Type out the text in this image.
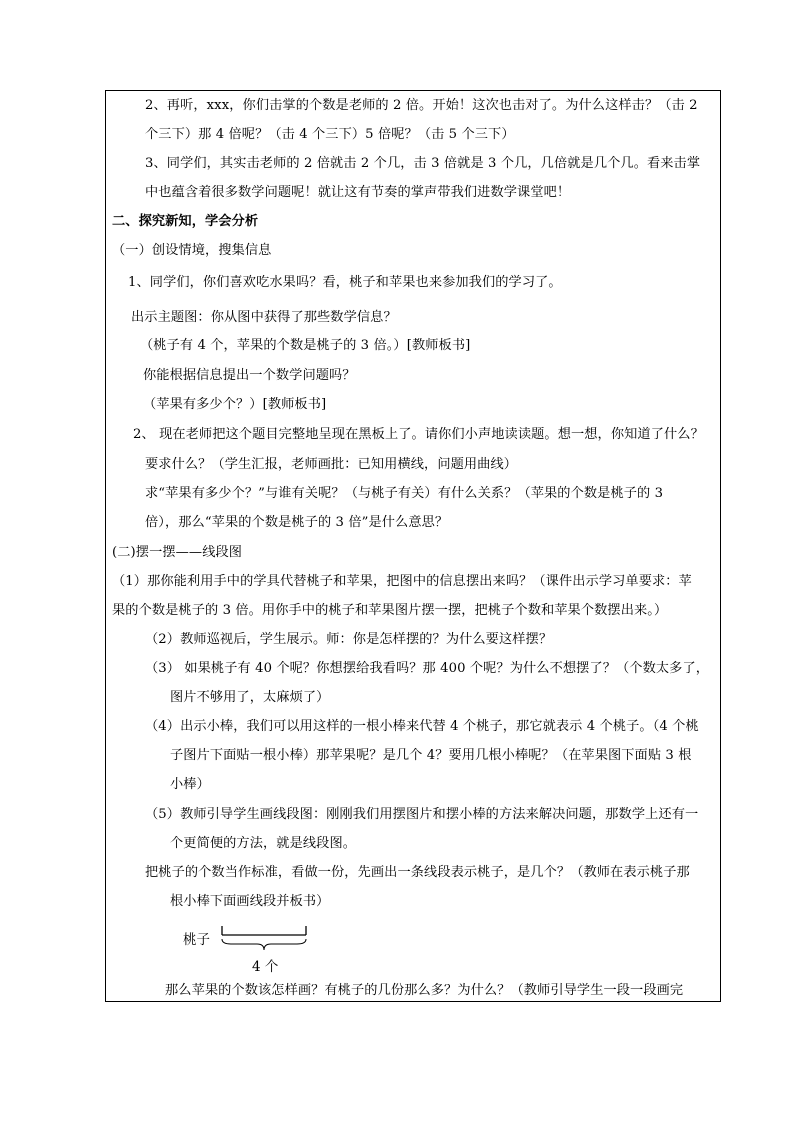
2、再听，xxx，你们击掌的个数是老师的 2 倍。开始！这次也击对了。为什么这样击？（击 2
个三下）那 4 倍呢？（击 4 个三下）5 倍呢？（击 5 个三下）
3、同学们，其实击老师的 2 倍就击 2 个几，击 3 倍就是 3 个几，几倍就是几个几。看来击掌
中也蕴含着很多数学问题呢！就让这有节奏的掌声带我们进数学课堂吧！
二、探究新知，学会分析
（一）创设情境，搜集信息
1、同学们，你们喜欢吃水果吗？看，桃子和苹果也来参加我们的学习了。
出示主题图：你从图中获得了那些数学信息？
（桃子有 4 个，苹果的个数是桃子的 3 倍。）[教师板书]
你能根据信息提出一个数学问题吗？
（苹果有多少个？）[教师板书]
2、 现在老师把这个题目完整地呈现在黑板上了。请你们小声地读读题。想一想，你知道了什么？
要求什么？（学生汇报，老师画批：已知用横线，问题用曲线）
求“苹果有多少个？”与谁有关呢？（与桃子有关）有什么关系？（苹果的个数是桃子的 3
倍），那么“苹果的个数是桃子的 3 倍”是什么意思？
(二)摆一摆——线段图
（1）那你能利用手中的学具代替桃子和苹果，把图中的信息摆出来吗？（课件出示学习单要求：苹
果的个数是桃子的 3 倍。用你手中的桃子和苹果图片摆一摆，把桃子个数和苹果个数摆出来。）
（2）教师巡视后，学生展示。师：你是怎样摆的？为什么要这样摆？
（3） 如果桃子有 40 个呢？你想摆给我看吗？那 400 个呢？为什么不想摆了？（个数太多了，
图片不够用了，太麻烦了）
（4）出示小棒，我们可以用这样的一根小棒来代替 4 个桃子，那它就表示 4 个桃子。（4 个桃
子图片下面贴一根小棒）那苹果呢？是几个 4？要用几根小棒呢？（在苹果图下面贴 3 根
小棒）
（5）教师引导学生画线段图：刚刚我们用摆图片和摆小棒的方法来解决问题，那数学上还有一
个更简便的方法，就是线段图。
把桃子的个数当作标准，看做一份，先画出一条线段表示桃子，是几个？（教师在表示桃子那
根小棒下面画线段并板书）
桃子
4 个
那么苹果的个数该怎样画？有桃子的几份那么多？为什么？（教师引导学生一段一段画完
